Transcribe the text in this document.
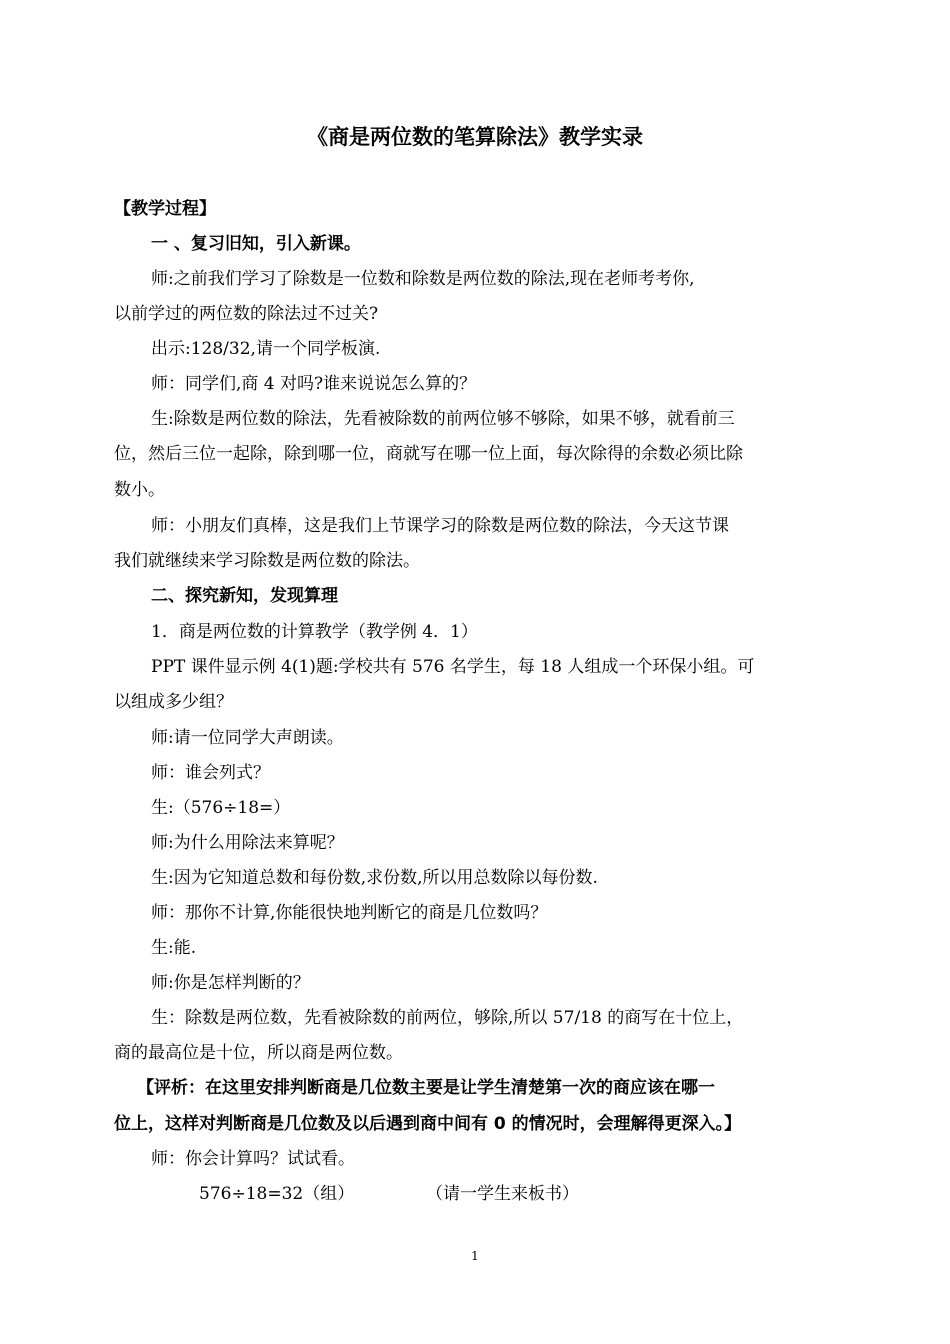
《商是两位数的笔算除法》教学实录
【教学过程】
一 、复习旧知，引入新课。
师:之前我们学习了除数是一位数和除数是两位数的除法,现在老师考考你,
以前学过的两位数的除法过不过关?
出示:128/32,请一个同学板演.
师：同学们,商 4 对吗?谁来说说怎么算的？
生:除数是两位数的除法，先看被除数的前两位够不够除，如果不够，就看前三
位，然后三位一起除，除到哪一位，商就写在哪一位上面，每次除得的余数必须比除
数小。
师：小朋友们真棒，这是我们上节课学习的除数是两位数的除法，今天这节课
我们就继续来学习除数是两位数的除法。
二、探究新知，发现算理
1．商是两位数的计算教学（教学例 4．1）
PPT 课件显示例 4(1)题:学校共有 576 名学生，每 18 人组成一个环保小组。可
以组成多少组？
师:请一位同学大声朗读。
师：谁会列式？
生:（576÷18=）
师:为什么用除法来算呢？
生:因为它知道总数和每份数,求份数,所以用总数除以每份数.
师：那你不计算,你能很快地判断它的商是几位数吗？
生:能.
师:你是怎样判断的？
生：除数是两位数，先看被除数的前两位，够除,所以 57/18 的商写在十位上，
商的最高位是十位，所以商是两位数。
【评析：在这里安排判断商是几位数主要是让学生清楚第一次的商应该在哪一
位上，这样对判断商是几位数及以后遇到商中间有 0 的情况时，会理解得更深入。】
师：你会计算吗？试试看。
576÷18=32（组）	（请一学生来板书）
1
